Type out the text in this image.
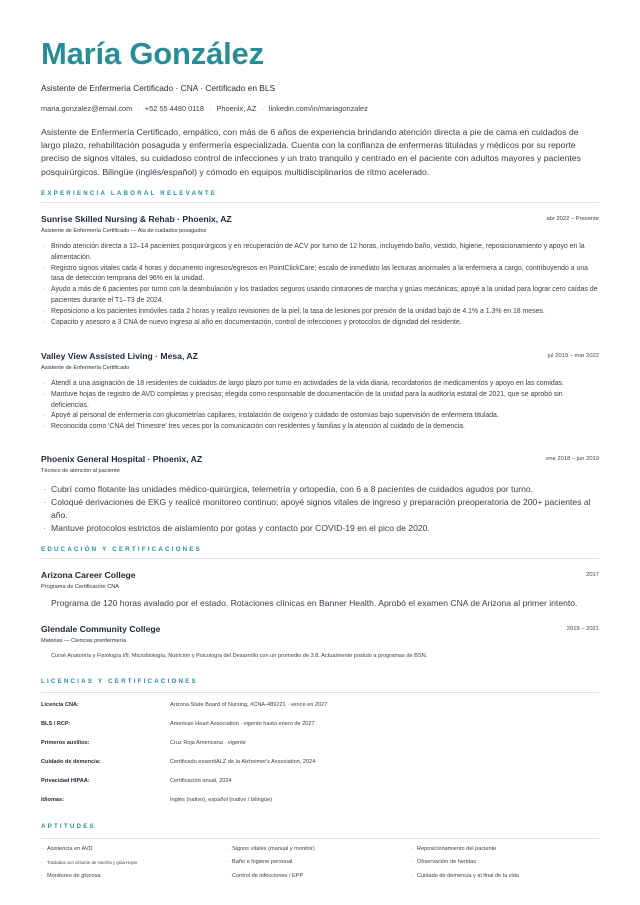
María González
Asistente de Enfermería Certificado · CNA · Certificado en BLS
maria.gonzalez@email.com · +52 55 4480 0118 · Phoenix, AZ · linkedin.com/in/mariagonzalez
Asistente de Enfermería Certificado, empático, con más de 6 años de experiencia brindando atención directa a pie de cama en cuidados de largo plazo, rehabilitación posaguda y enfermería especializada. Cuenta con la confianza de enfermeras tituladas y médicos por su reporte preciso de signos vitales, su cuidadoso control de infecciones y un trato tranquilo y centrado en el paciente con adultos mayores y pacientes posquirúrgicos. Bilingüe (inglés/español) y cómodo en equipos multidisciplinarios de ritmo acelerado.
EXPERIENCIA LABORAL RELEVANTE
Sunrise Skilled Nursing & Rehab · Phoenix, AZ	abr 2022 – Presente
Asistente de Enfermería Certificado — Ala de cuidados posagudos
· Brindo atención directa a 12–14 pacientes posquirúrgicos y en recuperación de ACV por turno de 12 horas, incluyendo baño, vestido, higiene, reposicionamiento y apoyo en la alimentación.
· Registro signos vitales cada 4 horas y documento ingresos/egresos en PointClickCare; escalo de inmediato las lecturas anormales a la enfermera a cargo, contribuyendo a una tasa de detección temprana del 96% en la unidad.
· Ayudo a más de 6 pacientes por turno con la deambulación y los traslados seguros usando cinturones de marcha y grúas mecánicas; apoyé a la unidad para lograr cero caídas de pacientes durante el T1–T3 de 2024.
· Reposiciono a los pacientes inmóviles cada 2 horas y realizo revisiones de la piel; la tasa de lesiones por presión de la unidad bajó de 4.1% a 1.3% en 18 meses.
· Capacito y asesoro a 3 CNA de nuevo ingreso al año en documentación, control de infecciones y protocolos de dignidad del residente.
Valley View Assisted Living · Mesa, AZ	jul 2019 – mar 2022
Asistente de Enfermería Certificado
· Atendí a una asignación de 18 residentes de cuidados de largo plazo por turno en actividades de la vida diaria, recordatorios de medicamentos y apoyo en las comidas.
· Mantuve hojas de registro de AVD completas y precisas; elegida como responsable de documentación de la unidad para la auditoría estatal de 2021, que se aprobó sin deficiencias.
· Apoyé al personal de enfermería con glucometrías capilares, instalación de oxígeno y cuidado de ostomías bajo supervisión de enfermera titulada.
· Reconocida como 'CNA del Trimestre' tres veces por la comunicación con residentes y familias y la atención al cuidado de la demencia.
Phoenix General Hospital · Phoenix, AZ	ene 2018 – jun 2019
Técnico de atención al paciente
· Cubrí como flotante las unidades médico-quirúrgica, telemetría y ortopedia, con 6 a 8 pacientes de cuidados agudos por turno.
· Coloqué derivaciones de EKG y realicé monitoreo continuo; apoyé signos vitales de ingreso y preparación preoperatoria de 200+ pacientes al año.
· Mantuve protocolos estrictos de aislamiento por gotas y contacto por COVID-19 en el pico de 2020.
EDUCACIÓN Y CERTIFICACIONES
Arizona Career College	2017
Programa de Certificación CNA
Programa de 120 horas avalado por el estado. Rotaciones clínicas en Banner Health. Aprobó el examen CNA de Arizona al primer intento.
Glendale Community College	2019 – 2021
Materias — Ciencias prenfermería
Cursé Anatomía y Fisiología I/II, Microbiología, Nutrición y Psicología del Desarrollo con un promedio de 3.8. Actualmente postulo a programas de BSN.
LICENCIAS Y CERTIFICACIONES
Licencia CNA:	Arizona State Board of Nursing, #CNA-489221 · vence en 2027
BLS / RCP:	American Heart Association · vigente hasta enero de 2027
Primeros auxilios:	Cruz Roja Americana · vigente
Cuidado de demencia:	Certificado essentiALZ de la Alzheimer's Association, 2024
Privacidad HIPAA:	Certificación anual, 2024
Idiomas:	Inglés (nativo), español (nativo / bilingüe)
APTITUDES
· Asistencia en AVD	· Signos vitales (manual y monitor)	· Reposicionamiento del paciente
· Traslados con cinturón de marcha y grúa Hoyer	· Baño e higiene personal	· Observación de heridas
· Monitoreo de glucosa	· Control de infecciones / EPP	· Cuidado de demencia y al final de la vida
